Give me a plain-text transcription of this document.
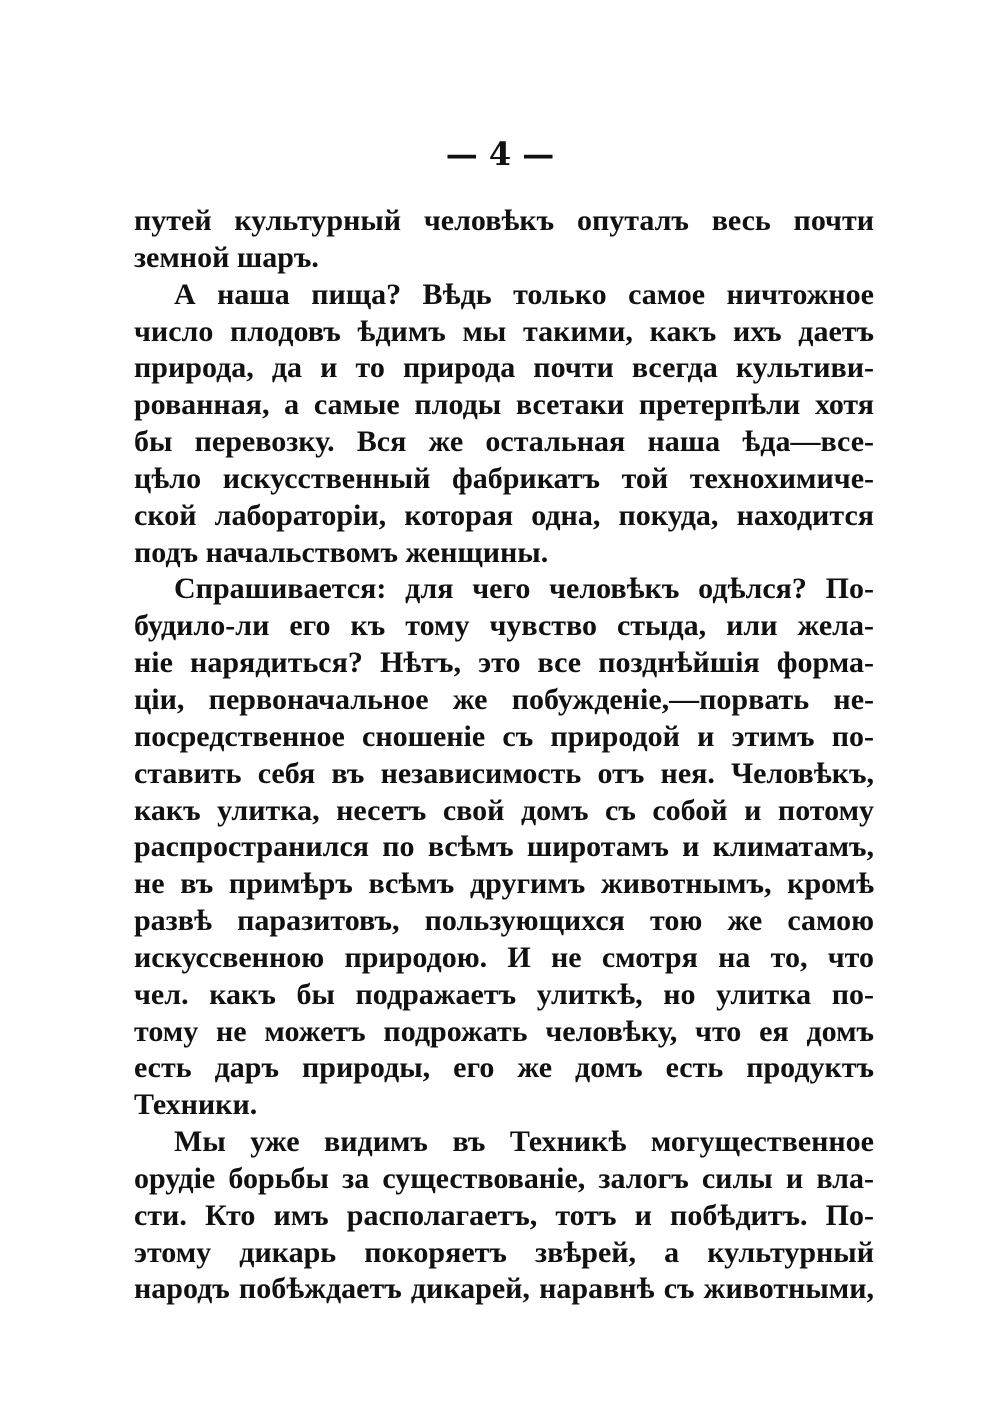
— 4 —
путей культурный человѣкъ опуталъ весь почти
земной шаръ.
А наша пища? Вѣдь только самое ничтожное
число плодовъ ѣдимъ мы такими, какъ ихъ даетъ
природа, да и то природа почти всегда культиви-
рованная, а самые плоды всетаки претерпѣли хотя
бы перевозку. Вся же остальная наша ѣда—все-
цѣло искусственный фабрикатъ той технохимиче-
ской лабораторіи, которая одна, покуда, находится
подъ начальствомъ женщины.
Спрашивается: для чего человѣкъ одѣлся? По-
будило-ли его къ тому чувство стыда, или жела-
ніе нарядиться? Нѣтъ, это все позднѣйшія форма-
ціи, первоначальное же побужденіе,—порвать не-
посредственное сношеніе съ природой и этимъ по-
ставить себя въ независимость отъ нея. Человѣкъ,
какъ улитка, несетъ свой домъ съ собой и потому
распространился по всѣмъ широтамъ и климатамъ,
не въ примѣръ всѣмъ другимъ животнымъ, кромѣ
развѣ паразитовъ, пользующихся тою же самою
искуссвенною природою. И не смотря на то, что
чел. какъ бы подражаетъ улиткѣ, но улитка по-
тому не можетъ подрожать человѣку, что ея домъ
есть даръ природы, его же домъ есть продуктъ
Техники.
Мы уже видимъ въ Техникѣ могущественное
орудіе борьбы за существованіе, залогъ силы и вла-
сти. Кто имъ располагаетъ, тотъ и побѣдитъ. По-
этому дикарь покоряетъ звѣрей, а культурный
народъ побѣждаетъ дикарей, наравнѣ съ животными,
